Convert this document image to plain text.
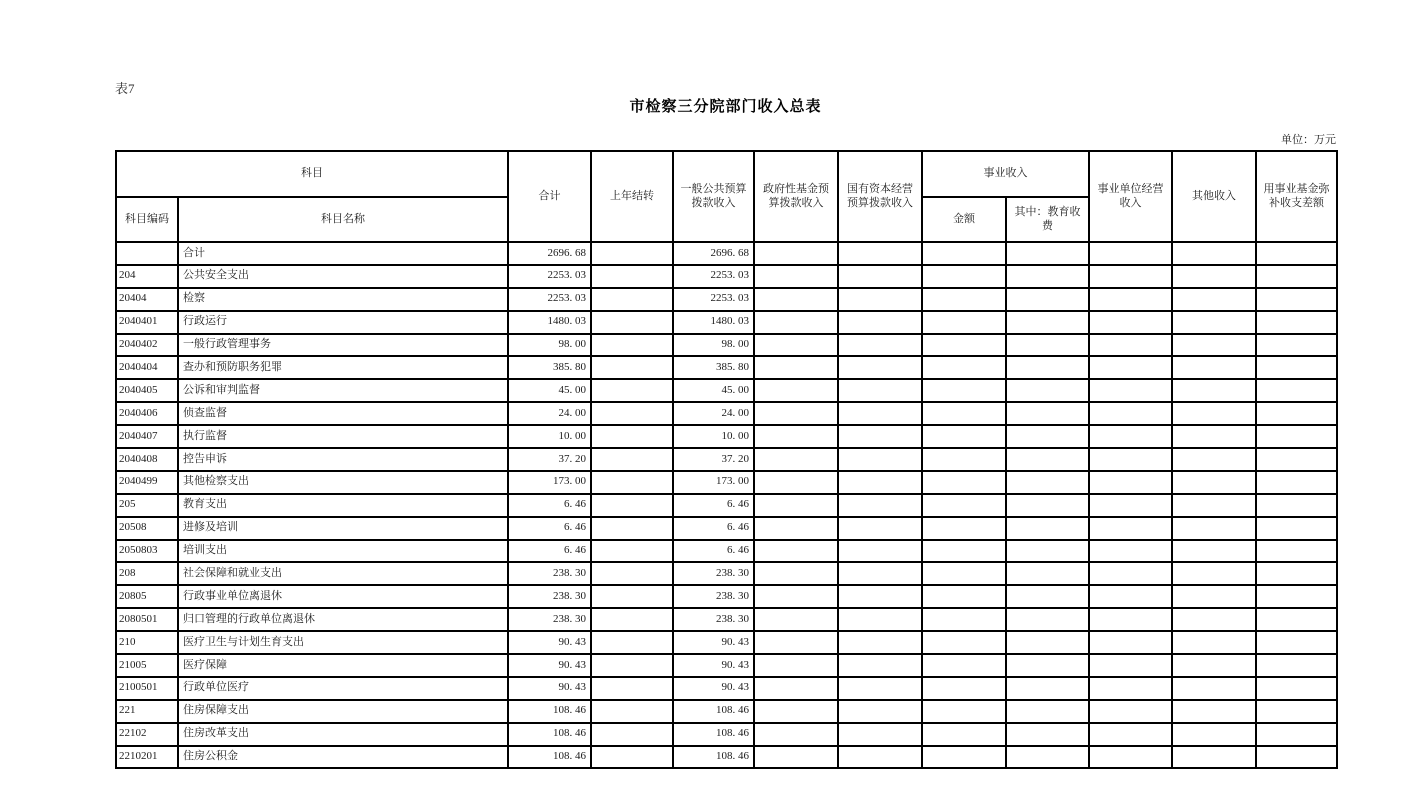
表7
市检察三分院部门收入总表
单位：万元
科目		合计	上年结转	一般公共预算拨款收入	政府性基金预算拨款收入	国有资本经营预算拨款收入	事业收入		事业单位经营收入	其他收入	用事业基金弥补收支差额
科目编码	科目名称						金额	其中：教育收费			
	合计	2696. 68		2696. 68							
204	公共安全支出	2253. 03		2253. 03							
20404	检察	2253. 03		2253. 03							
2040401	行政运行	1480. 03		1480. 03							
2040402	一般行政管理事务	98. 00		98. 00							
2040404	查办和预防职务犯罪	385. 80		385. 80							
2040405	公诉和审判监督	45. 00		45. 00							
2040406	侦查监督	24. 00		24. 00							
2040407	执行监督	10. 00		10. 00							
2040408	控告申诉	37. 20		37. 20							
2040499	其他检察支出	173. 00		173. 00							
205	教育支出	6. 46		6. 46							
20508	进修及培训	6. 46		6. 46							
2050803	培训支出	6. 46		6. 46							
208	社会保障和就业支出	238. 30		238. 30							
20805	行政事业单位离退休	238. 30		238. 30							
2080501	归口管理的行政单位离退休	238. 30		238. 30							
210	医疗卫生与计划生育支出	90. 43		90. 43							
21005	医疗保障	90. 43		90. 43							
2100501	行政单位医疗	90. 43		90. 43							
221	住房保障支出	108. 46		108. 46							
22102	住房改革支出	108. 46		108. 46							
2210201	住房公积金	108. 46		108. 46							
